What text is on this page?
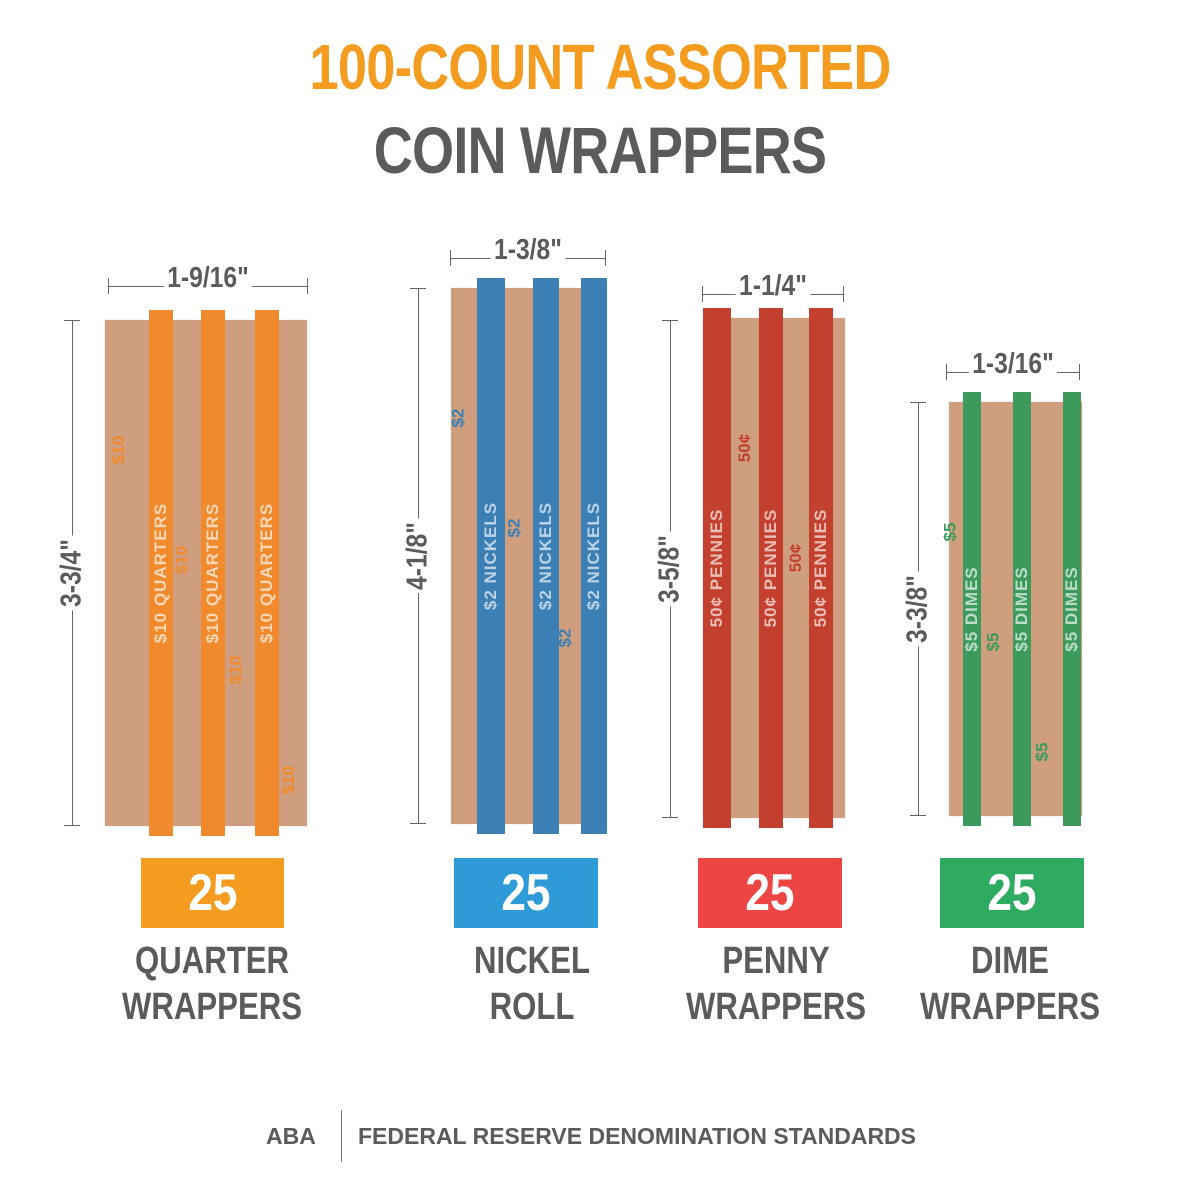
100-COUNT ASSORTED
COIN WRAPPERS
1-9/16"
3-3/4"	$10 QUARTERS $10 QUARTERS $10 QUARTERS
$10
$10
$10
$10
25
QUARTER
WRAPPERS
1-3/8"
4-1/8"	$2 NICKELS $2 NICKELS $2 NICKELS
$2
$2
$2
25
NICKEL
ROLL
1-1/4"
3-5/8" 50¢ PENNIES 50¢ PENNIES 50¢ PENNIES
50¢
50¢
25
PENNY
WRAPPERS
1-3/16"
3-3/8" $5 DIMES $5 DIMES $5 DIMES
$5
$5
$5
25
DIME
WRAPPERS
ABA FEDERAL RESERVE DENOMINATION STANDARDS
